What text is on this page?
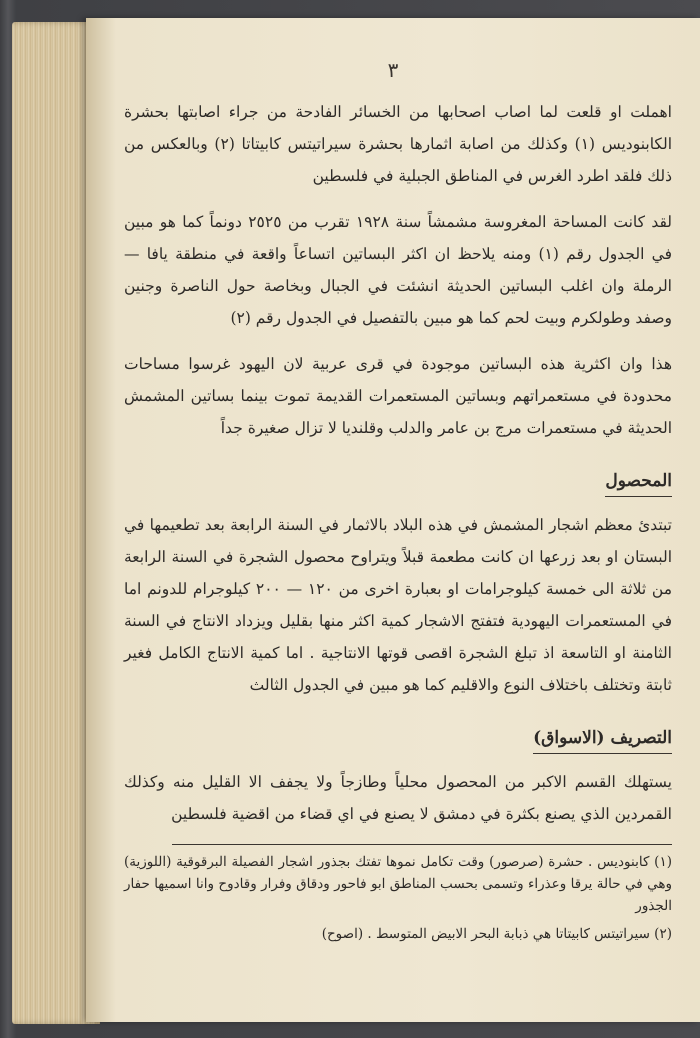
٣

اهملت او قلعت لما اصاب اصحابها من الخسائر الفادحة من جراء اصابتها بحشرة الكابنوديس (١) وكذلك من اصابة اثمارها بحشرة سيراتيتس كابيتاتا (٢) وبالعكس من ذلك فلقد اطرد الغرس في المناطق الجبلية في فلسطين

لقد كانت المساحة المغروسة مشمشاً سنة ١٩٢٨ تقرب من ٢٥٢٥ دونماً كما هو مبين في الجدول رقم (١) ومنه يلاحظ ان اكثر البساتين اتساعاً واقعة في منطقة يافا — الرملة وان اغلب البساتين الحديثة انشئت في الجبال وبخاصة حول الناصرة وجنين وصفد وطولكرم وبيت لحم كما هو مبين بالتفصيل في الجدول رقم (٢)

هذا وان اكثرية هذه البساتين موجودة في قرى عربية لان اليهود غرسوا مساحات محدودة في مستعمراتهم وبساتين المستعمرات القديمة تموت بينما بساتين المشمش الحديثة في مستعمرات مرج بن عامر والدلب وقلنديا لا تزال صغيرة جداً

المحصول

تبتدئ معظم اشجار المشمش في هذه البلاد بالاثمار في السنة الرابعة بعد تطعيمها في البستان او بعد زرعها ان كانت مطعمة قبلاً ويتراوح محصول الشجرة في السنة الرابعة من ثلاثة الى خمسة كيلوجرامات او بعبارة اخرى من ١٢٠ — ٢٠٠ كيلوجرام للدونم اما في المستعمرات اليهودية فتفتج الاشجار كمية اكثر منها بقليل ويزداد الانتاج في السنة الثامنة او التاسعة اذ تبلغ الشجرة اقصى قوتها الانتاجية . اما كمية الانتاج الكامل فغير ثابتة وتختلف باختلاف النوع والاقليم كما هو مبين في الجدول الثالث

التصريف (الاسواق)

يستهلك القسم الاكبر من المحصول محلياً وطازجاً ولا يجفف الا القليل منه وكذلك القمردين الذي يصنع بكثرة في دمشق لا يصنع في اي قضاء من اقضية فلسطين

(١) كابنوديس . حشرة (صرصور) وقت تكامل نموها تفتك بجذور اشجار الفصيلة البرقوقية (اللوزية) وهي في حالة يرقا وعذراء وتسمى بحسب المناطق ابو فاحور ودقاق وفرار وقادوح وانا اسميها حفار الجذور

(٢) سيراتيتس كابيتاتا هي ذبابة البحر الابيض المتوسط . (اصوح)
